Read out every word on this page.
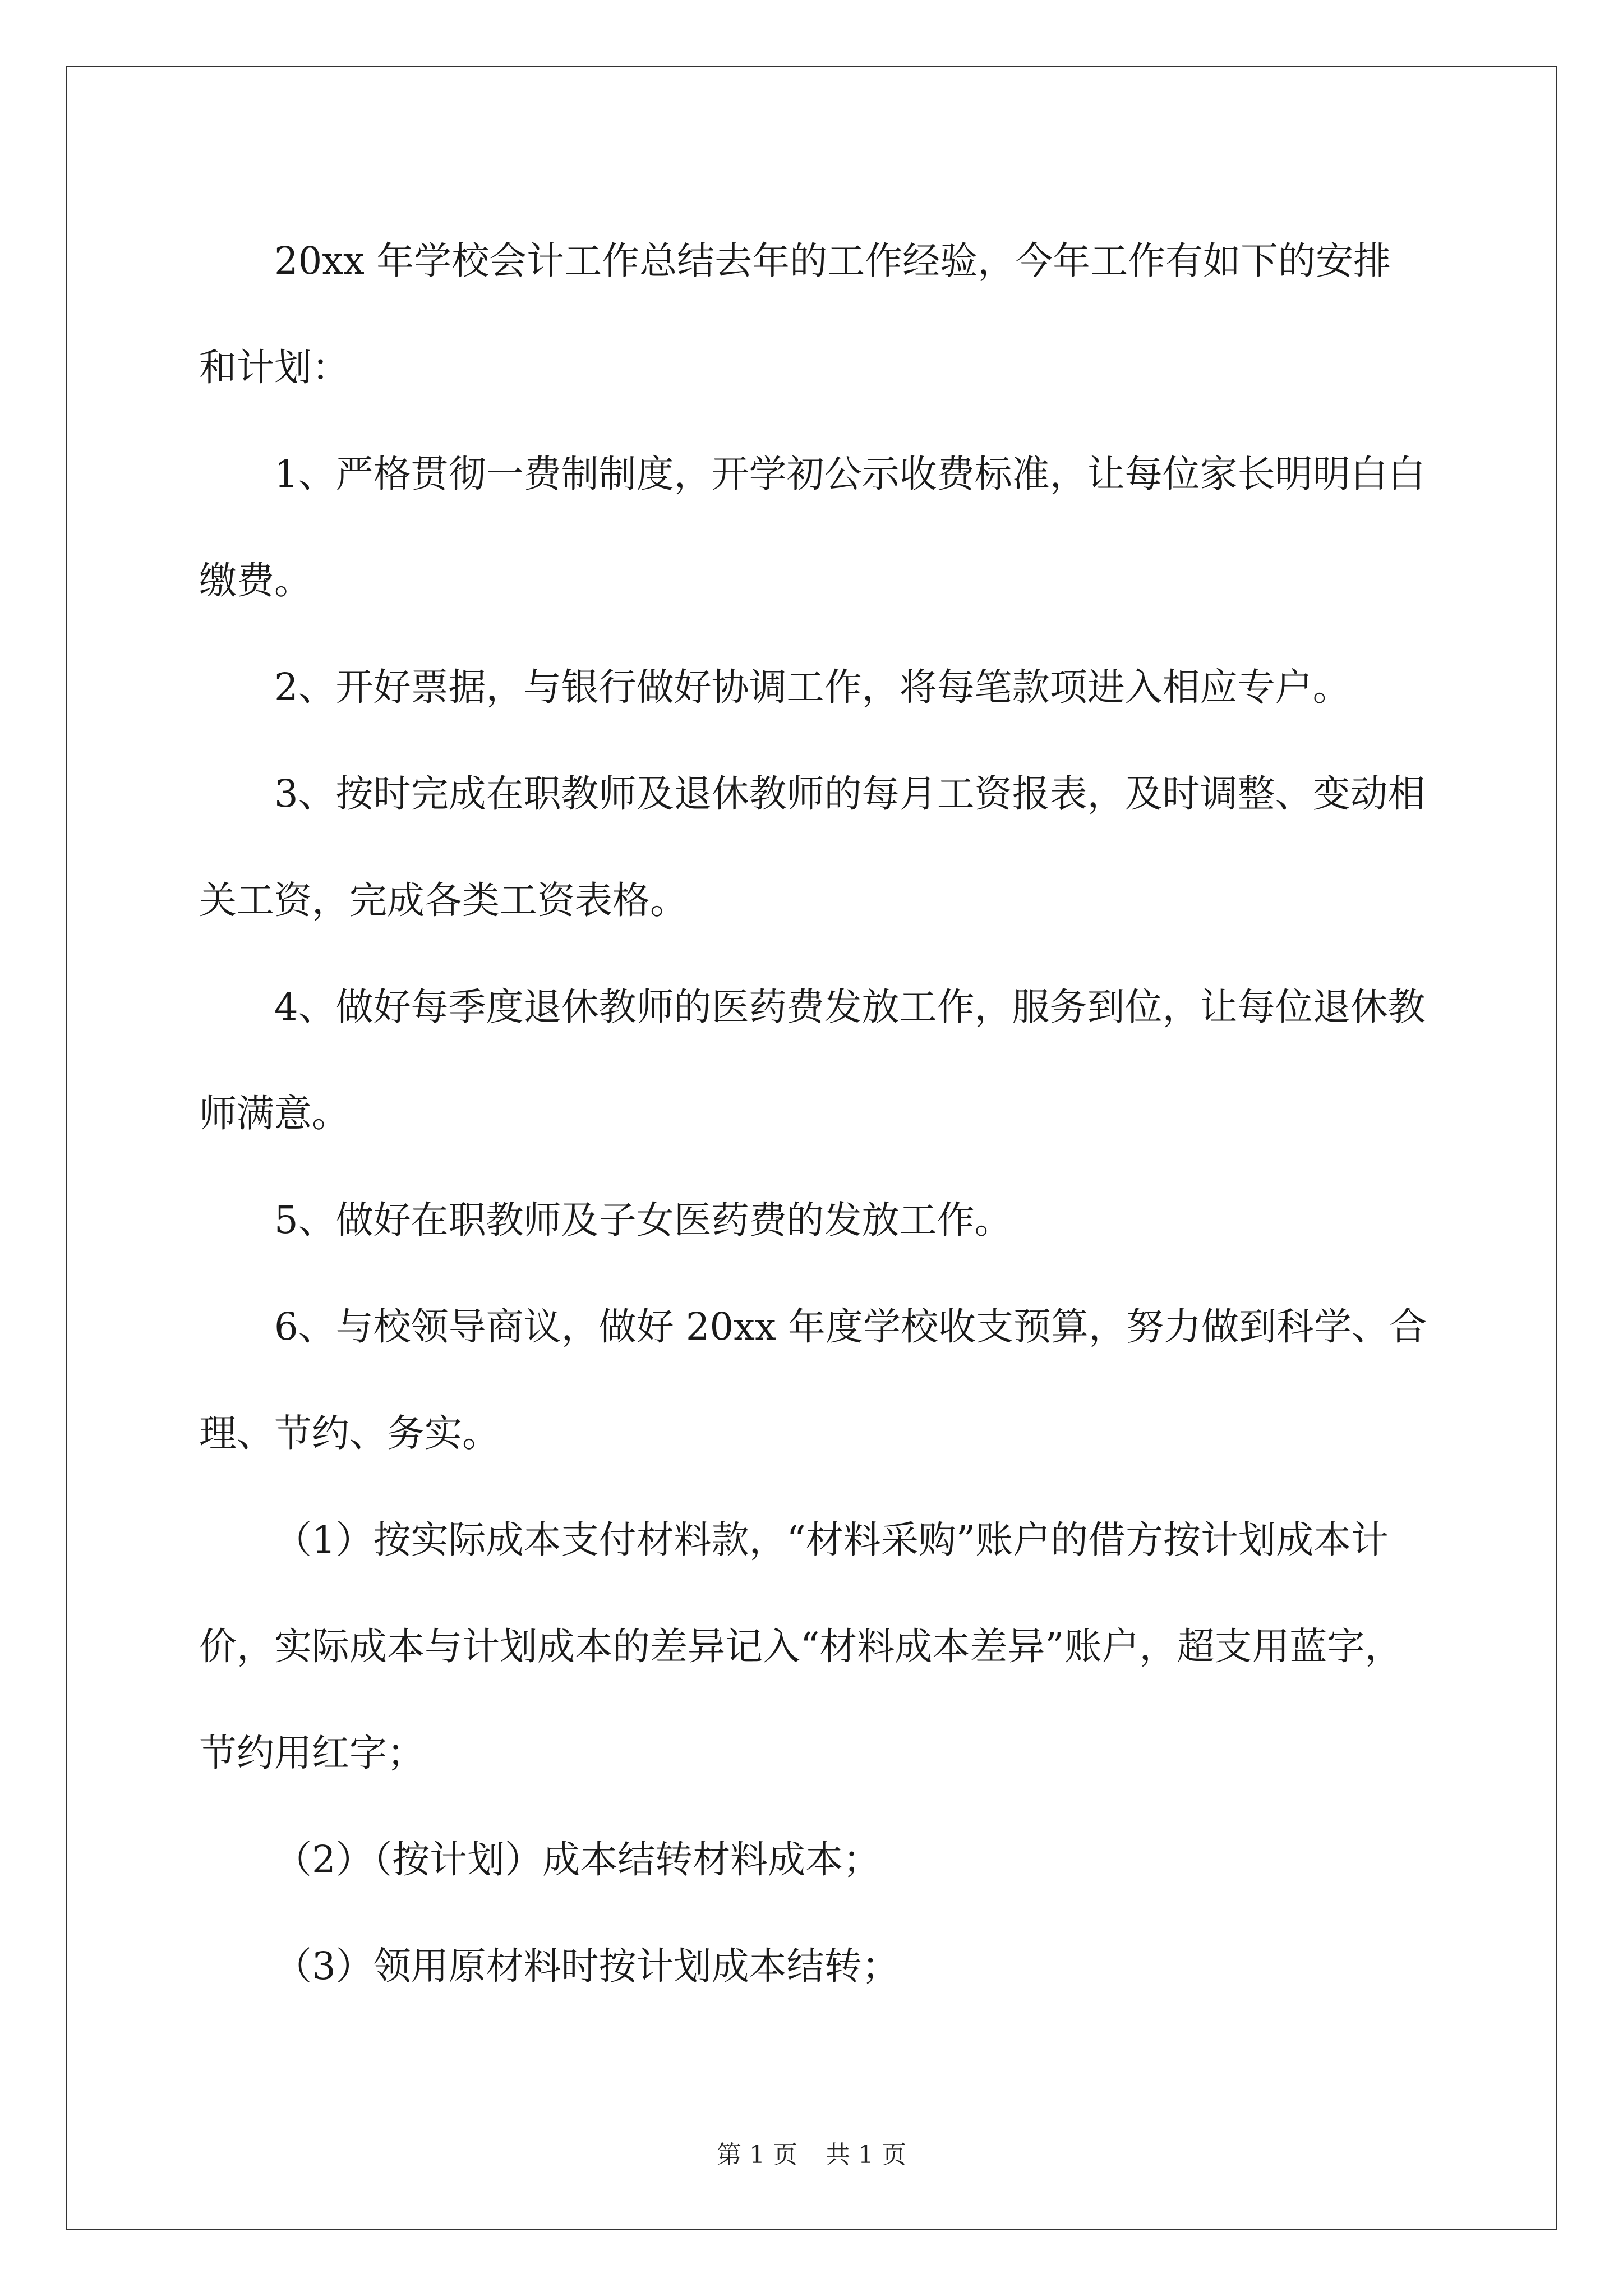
20xx 年学校会计工作总结去年的工作经验，今年工作有如下的安排和计划：

1、严格贯彻一费制制度，开学初公示收费标准，让每位家长明明白白缴费。

2、开好票据，与银行做好协调工作，将每笔款项进入相应专户。

3、按时完成在职教师及退休教师的每月工资报表，及时调整、变动相关工资，完成各类工资表格。

4、做好每季度退休教师的医药费发放工作，服务到位，让每位退休教师满意。

5、做好在职教师及子女医药费的发放工作。

6、与校领导商议，做好 20xx 年度学校收支预算，努力做到科学、合理、节约、务实。

（1）按实际成本支付材料款，“材料采购”账户的借方按计划成本计价，实际成本与计划成本的差异记入“材料成本差异”账户，超支用蓝字，节约用红字；

（2）（按计划）成本结转材料成本；

（3）领用原材料时按计划成本结转；

第 1 页 共 1 页
